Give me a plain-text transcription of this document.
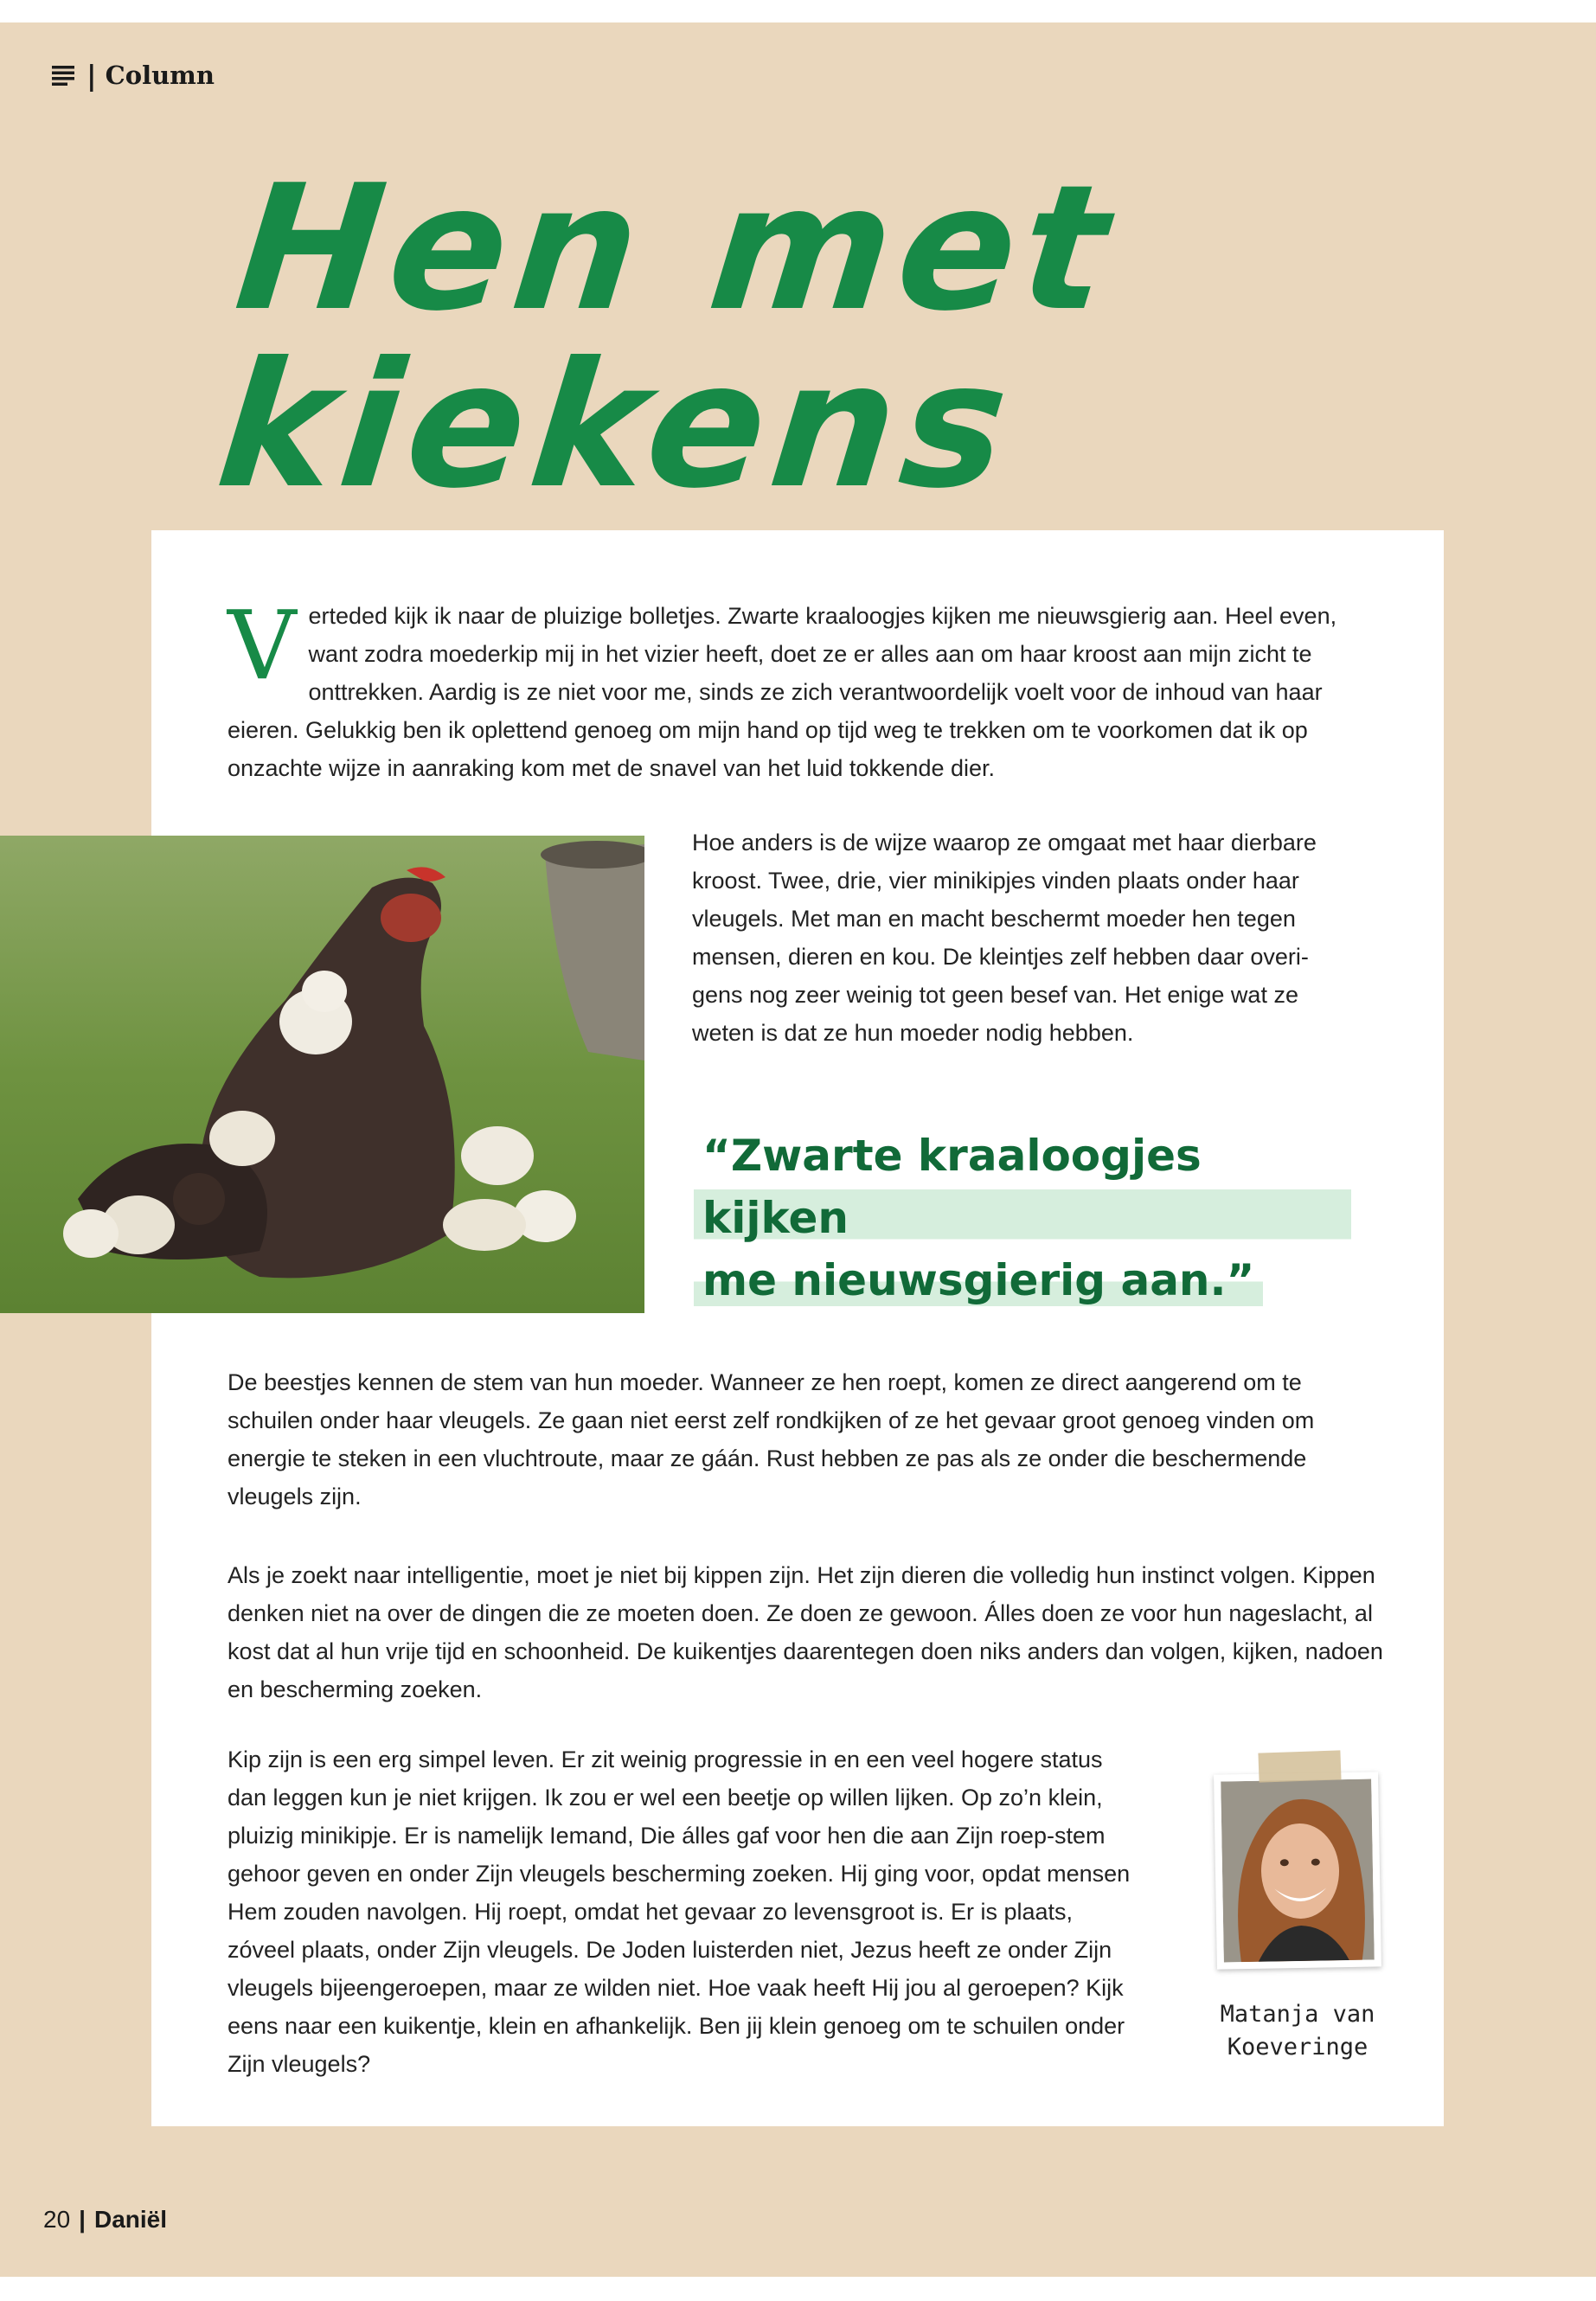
| Column
Hen met
kiekens
V erteded kijk ik naar de pluizige bolletjes. Zwarte kraaloogjes kijken me nieuwsgierig aan. Heel even, want zodra moederkip mij in het vizier heeft, doet ze er alles aan om haar kroost aan mijn zicht te onttrekken. Aardig is ze niet voor me, sinds ze zich verantwoordelijk voelt voor de inhoud van haar eieren. Gelukkig ben ik oplettend genoeg om mijn hand op tijd weg te trekken om te voorkomen dat ik op onzachte wijze in aanraking kom met de snavel van het luid tokkende dier.

Hoe anders is de wijze waarop ze omgaat met haar dierbare kroost. Twee, drie, vier minikipjes vinden plaats onder haar vleugels. Met man en macht beschermt moeder hen tegen mensen, dieren en kou. De kleintjes zelf hebben daar overi-gens nog zeer weinig tot geen besef van. Het enige wat ze weten is dat ze hun moeder nodig hebben.

“Zwarte kraaloogjes kijken
me nieuwsgierig aan.”

De beestjes kennen de stem van hun moeder. Wanneer ze hen roept, komen ze direct aangerend om te schuilen onder haar vleugels. Ze gaan niet eerst zelf rondkijken of ze het gevaar groot genoeg vinden om energie te steken in een vluchtroute, maar ze gáán. Rust hebben ze pas als ze onder die beschermende vleugels zijn.

Als je zoekt naar intelligentie, moet je niet bij kippen zijn. Het zijn dieren die volledig hun instinct volgen. Kippen denken niet na over de dingen die ze moeten doen. Ze doen ze gewoon. Álles doen ze voor hun nageslacht, al kost dat al hun vrije tijd en schoonheid. De kuikentjes daarentegen doen niks anders dan volgen, kijken, nadoen en bescherming zoeken.

Kip zijn is een erg simpel leven. Er zit weinig progressie in en een veel hogere status dan leggen kun je niet krijgen. Ik zou er wel een beetje op willen lijken. Op zo’n klein, pluizig minikipje. Er is namelijk Iemand, Die álles gaf voor hen die aan Zijn roep-stem gehoor geven en onder Zijn vleugels bescherming zoeken. Hij ging voor, opdat mensen Hem zouden navolgen. Hij roept, omdat het gevaar zo levensgroot is. Er is plaats, zóveel plaats, onder Zijn vleugels. De Joden luisterden niet, Jezus heeft ze onder Zijn vleugels bijeengeroepen, maar ze wilden niet. Hoe vaak heeft Hij jou al geroepen? Kijk eens naar een kuikentje, klein en afhankelijk. Ben jij klein genoeg om te schuilen onder Zijn vleugels?

Matanja van
Koeveringe
20 | Daniël
